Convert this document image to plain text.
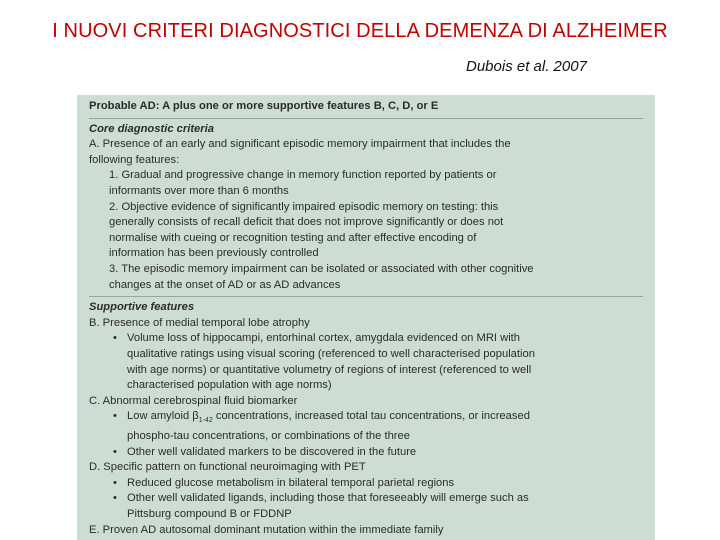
I NUOVI CRITERI DIAGNOSTICI DELLA DEMENZA DI ALZHEIMER
Dubois et al. 2007
Probable AD: A plus one or more supportive features B, C, D, or E
Core diagnostic criteria
A. Presence of an early and significant episodic memory impairment that includes the
following features:
1. Gradual and progressive change in memory function reported by patients or
informants over more than 6 months
2. Objective evidence of significantly impaired episodic memory on testing: this
generally consists of recall deficit that does not improve significantly or does not
normalise with cueing or recognition testing and after effective encoding of
information has been previously controlled
3. The episodic memory impairment can be isolated or associated with other cognitive
changes at the onset of AD or as AD advances
Supportive features
B. Presence of medial temporal lobe atrophy
• Volume loss of hippocampi, entorhinal cortex, amygdala evidenced on MRI with
qualitative ratings using visual scoring (referenced to well characterised population
with age norms) or quantitative volumetry of regions of interest (referenced to well
characterised population with age norms)
C. Abnormal cerebrospinal fluid biomarker
• Low amyloid $\beta_{1-42}$ concentrations, increased total tau concentrations, or increased
phospho-tau concentrations, or combinations of the three
• Other well validated markers to be discovered in the future
D. Specific pattern on functional neuroimaging with PET
• Reduced glucose metabolism in bilateral temporal parietal regions
• Other well validated ligands, including those that foreseeably will emerge such as
Pittsburg compound B or FDDNP
E. Proven AD autosomal dominant mutation within the immediate family
